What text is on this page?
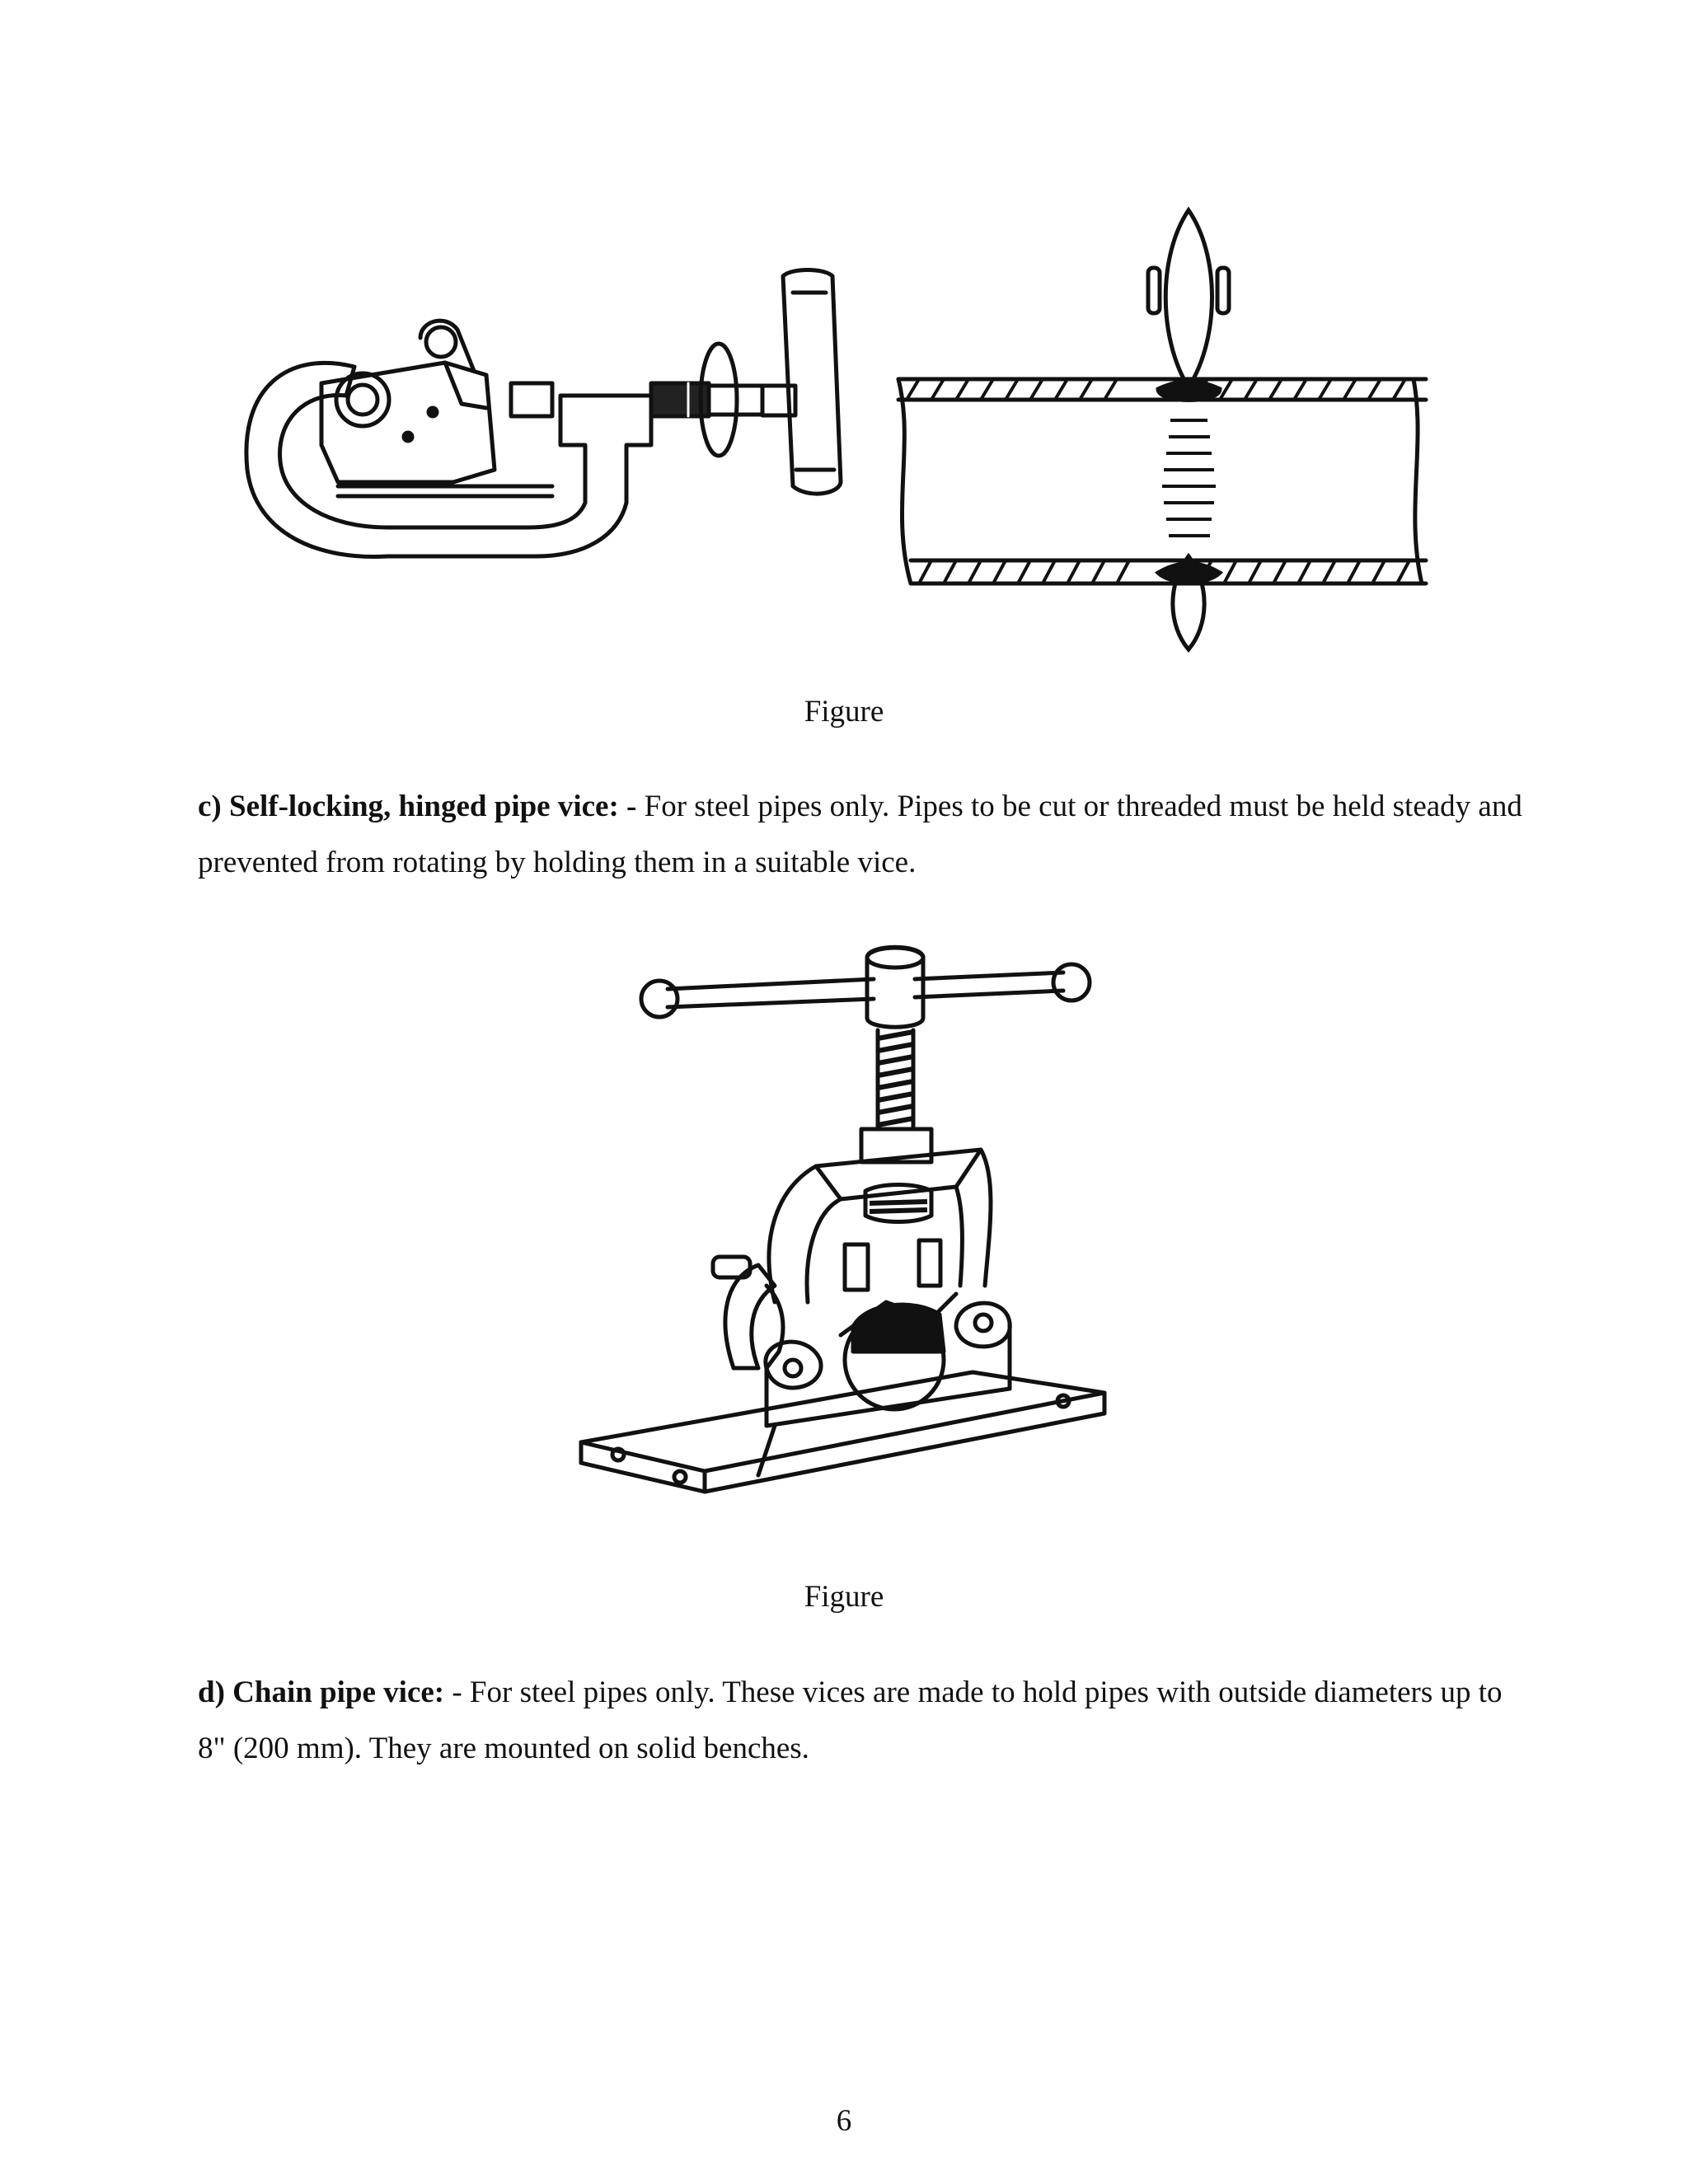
Figure

c) Self-locking, hinged pipe vice: - For steel pipes only. Pipes to be cut or threaded must be held steady and prevented from rotating by holding them in a suitable vice.

Figure

d) Chain pipe vice: - For steel pipes only. These vices are made to hold pipes with outside diameters up to 8" (200 mm). They are mounted on solid benches.

6
